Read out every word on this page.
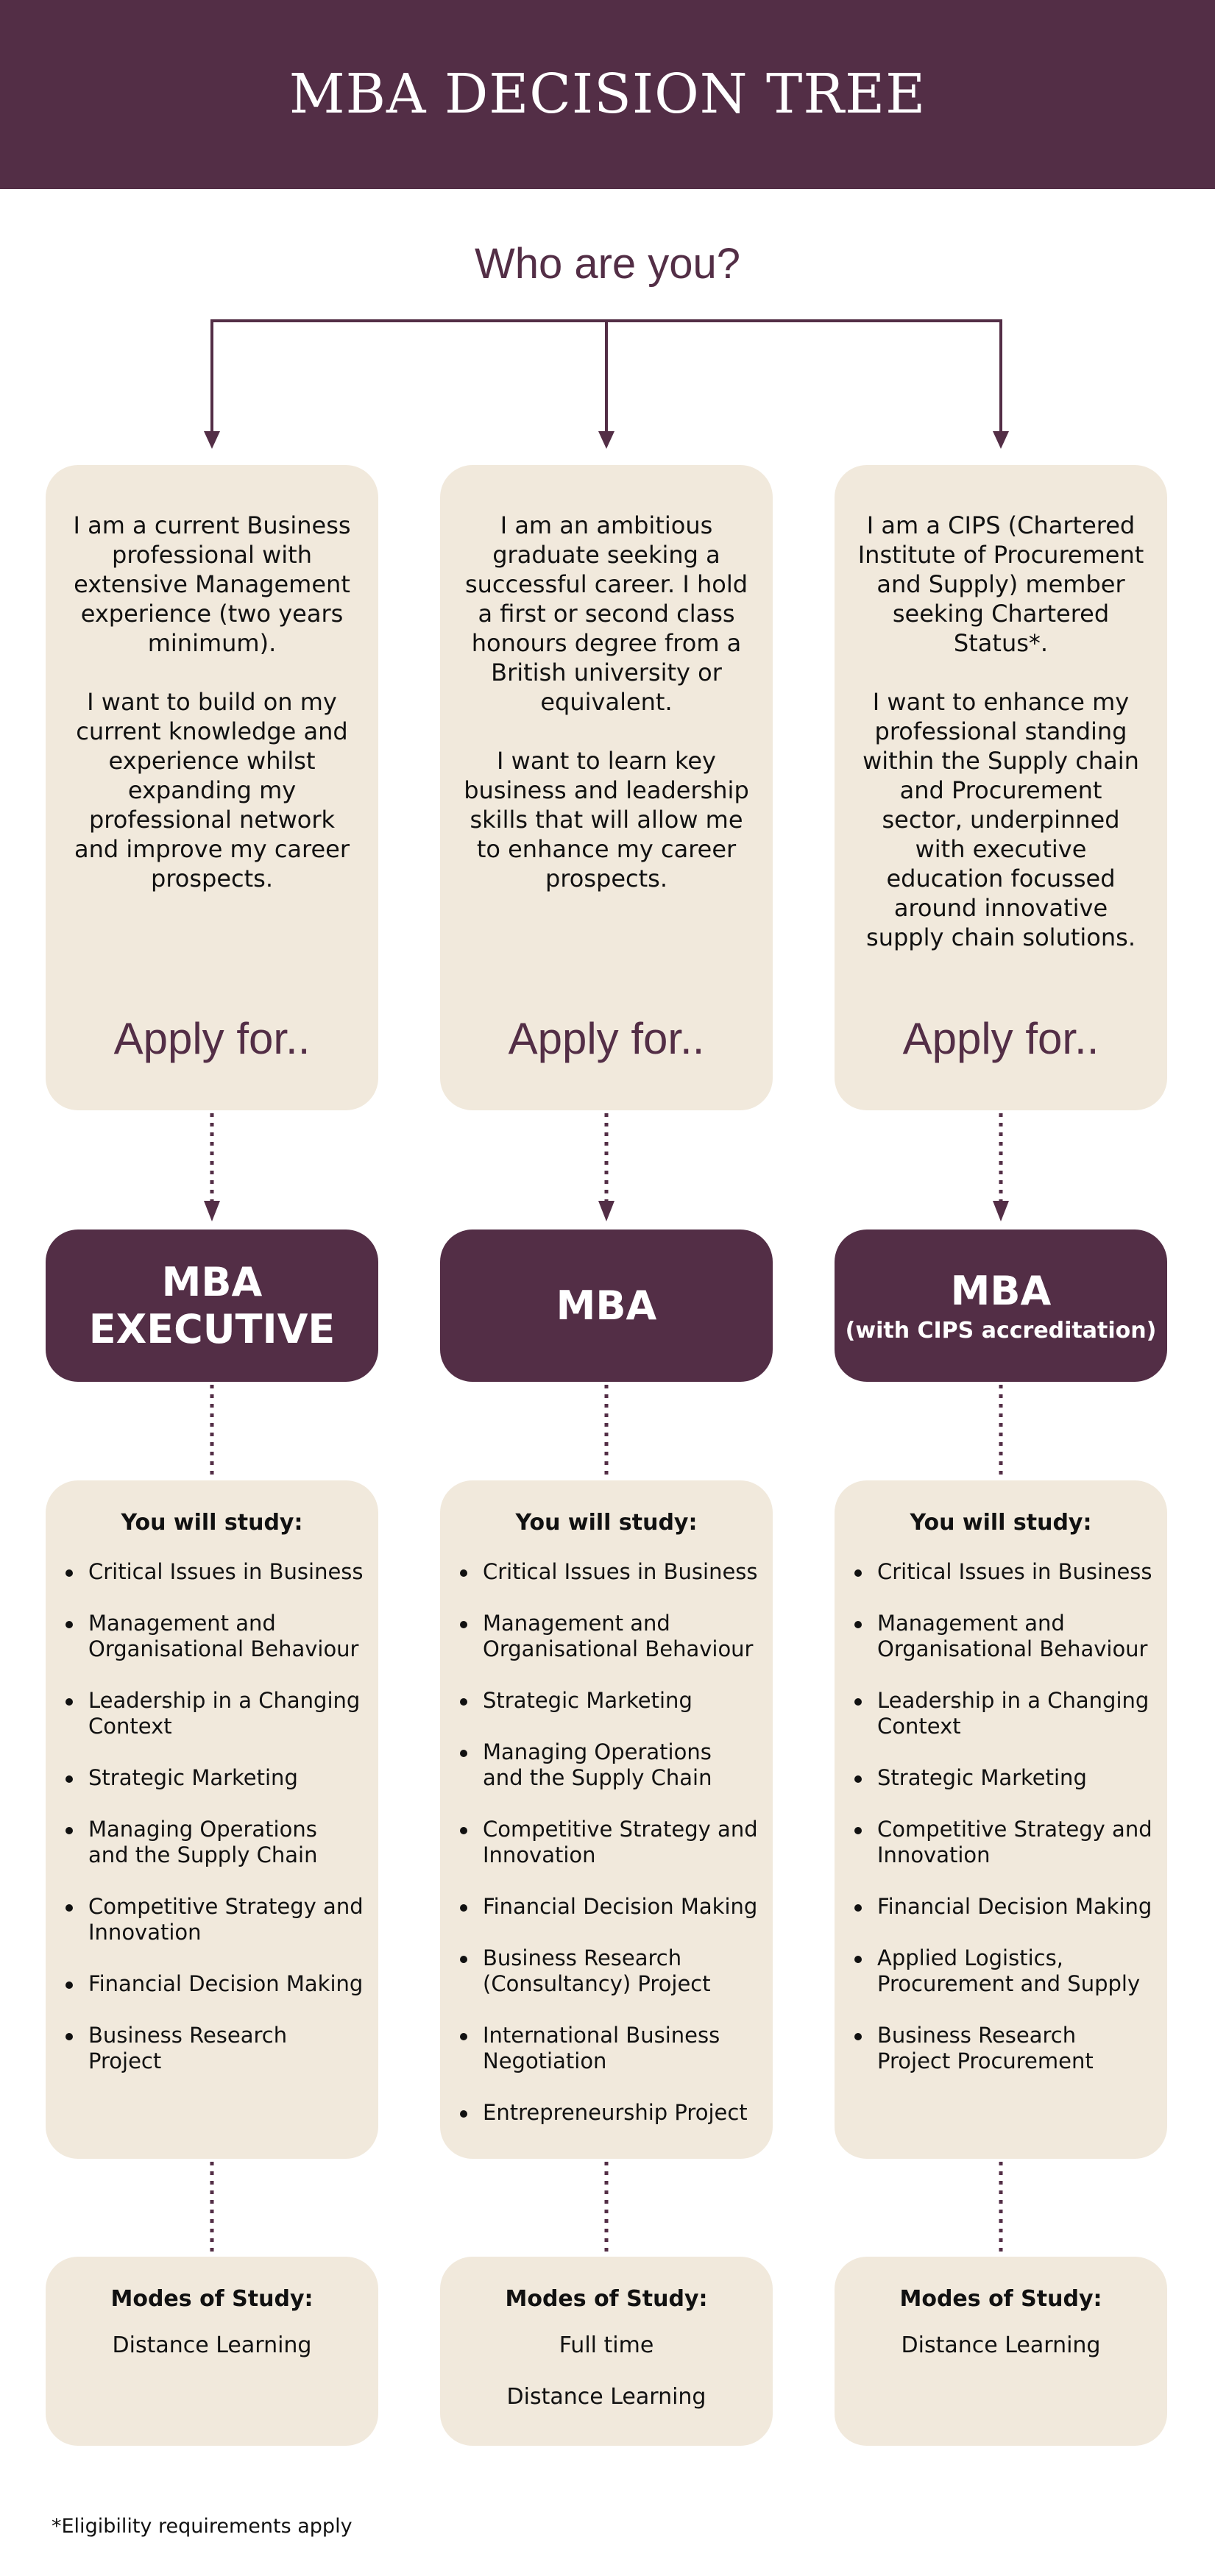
MBA DECISION TREE
Who are you?

I am a current Business professional with extensive Management experience (two years minimum).

I want to build on my current knowledge and experience whilst expanding my professional network and improve my career prospects.

Apply for..

I am an ambitious graduate seeking a successful career. I hold a first or second class honours degree from a British university or equivalent.

I want to learn key business and leadership skills that will allow me to enhance my career prospects.

Apply for..

I am a CIPS (Chartered Institute of Procurement and Supply) member seeking Chartered Status*.

I want to enhance my professional standing within the Supply chain and Procurement sector, underpinned with executive education focussed around innovative supply chain solutions.

Apply for..
MBA
EXECUTIVE
MBA	MBA
(with CIPS accreditation)
You will study:
Critical Issues in Business
Management and Organisational Behaviour
Leadership in a Changing Context
Strategic Marketing
Managing Operations and the Supply Chain
Competitive Strategy and Innovation
Financial Decision Making
Business Research Project
You will study:
Critical Issues in Business
Management and Organisational Behaviour
Strategic Marketing
Managing Operations and the Supply Chain
Competitive Strategy and Innovation
Financial Decision Making
Business Research (Consultancy) Project
International Business Negotiation
Entrepreneurship Project
You will study:
Critical Issues in Business
Management and Organisational Behaviour
Leadership in a Changing Context
Strategic Marketing
Competitive Strategy and Innovation
Financial Decision Making
Applied Logistics, Procurement and Supply
Business Research Project Procurement
Modes of Study:
Distance Learning
Modes of Study:
Full time
Distance Learning
Modes of Study:
Distance Learning
*Eligibility requirements apply
